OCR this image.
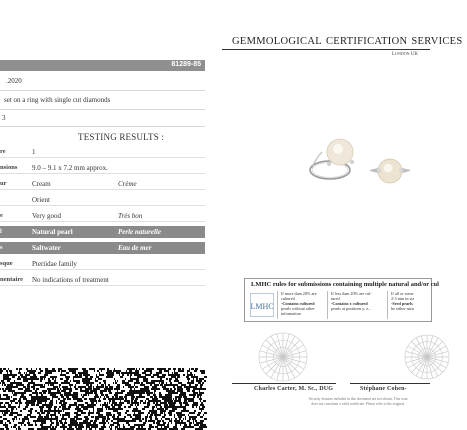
81289-85
.2020
set on a ring with single cut diamonds
3
TESTING RESULTS :
re	1
nsions 9.0 – 9.1 x 7.2 mm approx.
ur	Cream	Crème
Orient
e	Very good	Très bon
l	Natural pearl	Perle naturelle
s	Saltwater	Eau de mer
sque	Pteriidae family
nentaire No indications of treatment
GEMMOLOGICAL CERTIFICATION SERVICES
London UK
LMHC rules for submissions containing multiple natural and/or cul
LMHC
If more than 20% are
cultured
-Contains cultured
pearls without other
information
If less than 20% are cul-
tured
-Contains x cultured
pearls at positions y, z...
If all or some
2-3 mm in siz
-Seed pearls
be either natu
Charles Carter, M. Sc., DUG	Stéphane Cohen-
Security features included in this document are not shown. This scan does not constitute a valid certificate. Please refer to the original.
